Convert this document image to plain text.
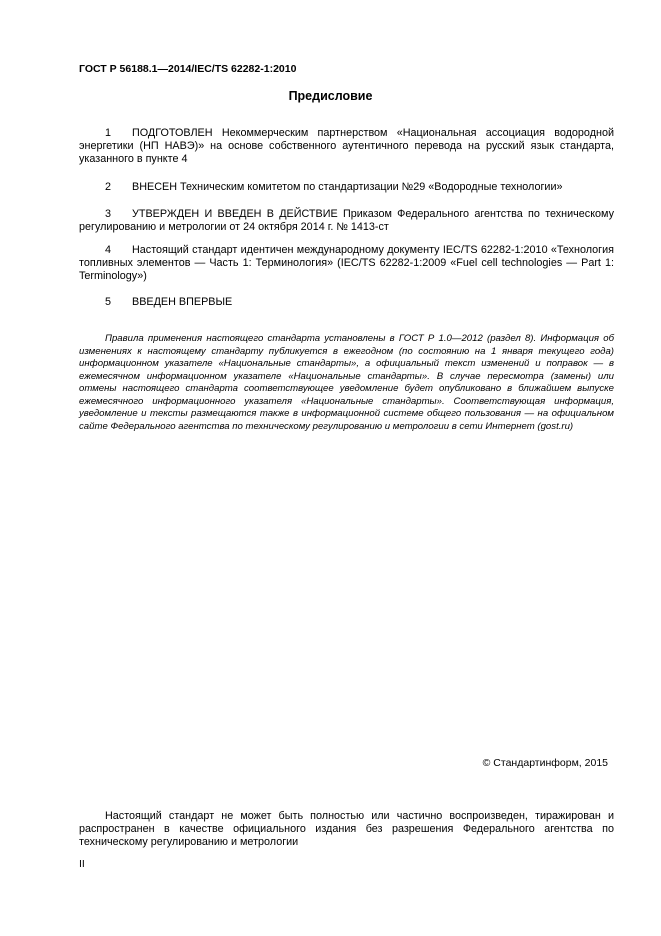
ГОСТ Р 56188.1—2014/IEC/TS 62282-1:2010
Предисловие
1 ПОДГОТОВЛЕН Некоммерческим партнерством «Национальная ассоциация водородной энергетики (НП НАВЭ)» на основе собственного аутентичного перевода на русский язык стандарта, указанного в пункте 4
2 ВНЕСЕН Техническим комитетом по стандартизации №29 «Водородные технологии»
3 УТВЕРЖДЕН И ВВЕДЕН В ДЕЙСТВИЕ Приказом Федерального агентства по техническому регулированию и метрологии от 24 октября 2014 г. № 1413-ст
4 Настоящий стандарт идентичен международному документу IEC/TS 62282-1:2010 «Технология топливных элементов — Часть 1: Терминология» (IEC/TS 62282-1:2009 «Fuel cell technologies — Part 1: Terminology»)
5 ВВЕДЕН ВПЕРВЫЕ
Правила применения настоящего стандарта установлены в ГОСТ Р 1.0—2012 (раздел 8). Информация об изменениях к настоящему стандарту публикуется в ежегодном (по состоянию на 1 января текущего года) информационном указателе «Национальные стандарты», а официальный текст изменений и поправок — в ежемесячном информационном указателе «Национальные стандарты». В случае пересмотра (замены) или отмены настоящего стандарта соответствующее уведомление будет опубликовано в ближайшем выпуске ежемесячного информационного указателя «Национальные стандарты». Соответствующая информация, уведомление и тексты размещаются также в информационной системе общего пользования — на официальном сайте Федерального агентства по техническому регулированию и метрологии в сети Интернет (gost.ru)
© Стандартинформ, 2015
Настоящий стандарт не может быть полностью или частично воспроизведен, тиражирован и распространен в качестве официального издания без разрешения Федерального агентства по техническому регулированию и метрологии
II
